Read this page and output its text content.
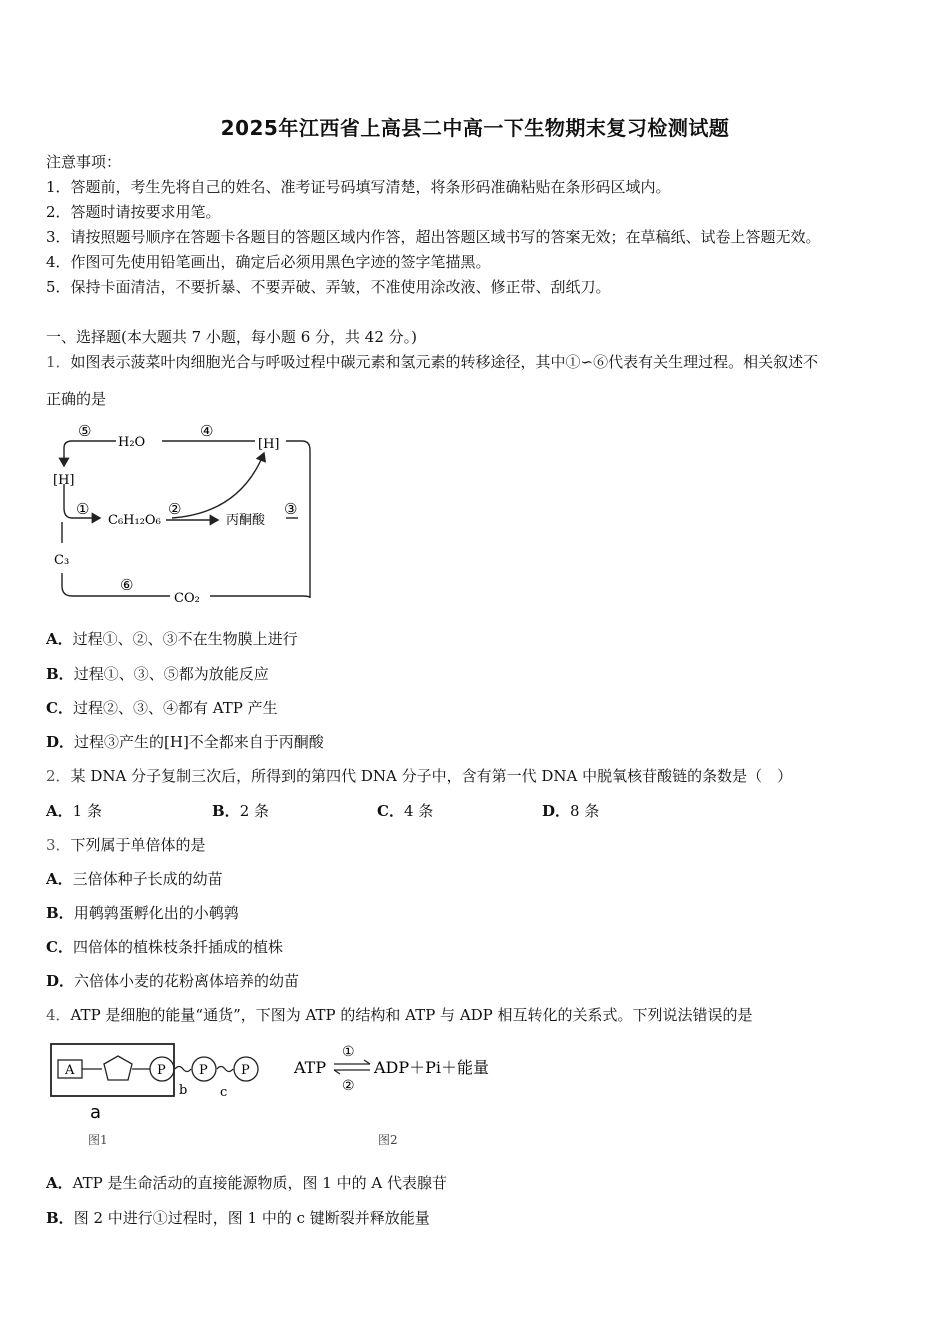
2025年江西省上高县二中高一下生物期末复习检测试题
注意事项：
1．答题前，考生先将自己的姓名、准考证号码填写清楚，将条形码准确粘贴在条形码区域内。
2．答题时请按要求用笔。
3．请按照题号顺序在答题卡各题目的答题区域内作答，超出答题区域书写的答案无效；在草稿纸、试卷上答题无效。
4．作图可先使用铅笔画出，确定后必须用黑色字迹的签字笔描黑。
5．保持卡面清洁，不要折暴、不要弄破、弄皱，不准使用涂改液、修正带、刮纸刀。
一、选择题(本大题共 7 小题，每小题 6 分，共 42 分。)
1．如图表示菠菜叶肉细胞光合与呼吸过程中碳元素和氢元素的转移途径，其中①∽⑥代表有关生理过程。相关叙述不
正确的是
⑤	④
H₂O	[H]
[H]
①
C₆H₁₂O₆
②
丙酮酸
③
C₃
⑥
CO₂
A．过程①、②、③不在生物膜上进行
B．过程①、③、⑤都为放能反应
C．过程②、③、④都有 ATP 产生
D．过程③产生的[H]不全都来自于丙酮酸
2．某 DNA 分子复制三次后，所得到的第四代 DNA 分子中，含有第一代 DNA 中脱氧核苷酸链的条数是（　）
A．1 条	B．2 条	C．4 条	D．8 条
3．下列属于单倍体的是
A．三倍体种子长成的幼苗
B．用鹌鹑蛋孵化出的小鹌鹑
C．四倍体的植株枝条扦插成的植株
D．六倍体小麦的花粉离体培养的幼苗
4．ATP 是细胞的能量“通货”，下图为 ATP 的结构和 ATP 与 ADP 相互转化的关系式。下列说法错误的是
A	P	P	P
b	c
a
图1
ATP
①
②
ADP＋Pi＋能量
图2
A．ATP 是生命活动的直接能源物质，图 1 中的 A 代表腺苷
B．图 2 中进行①过程时，图 1 中的 c 键断裂并释放能量
